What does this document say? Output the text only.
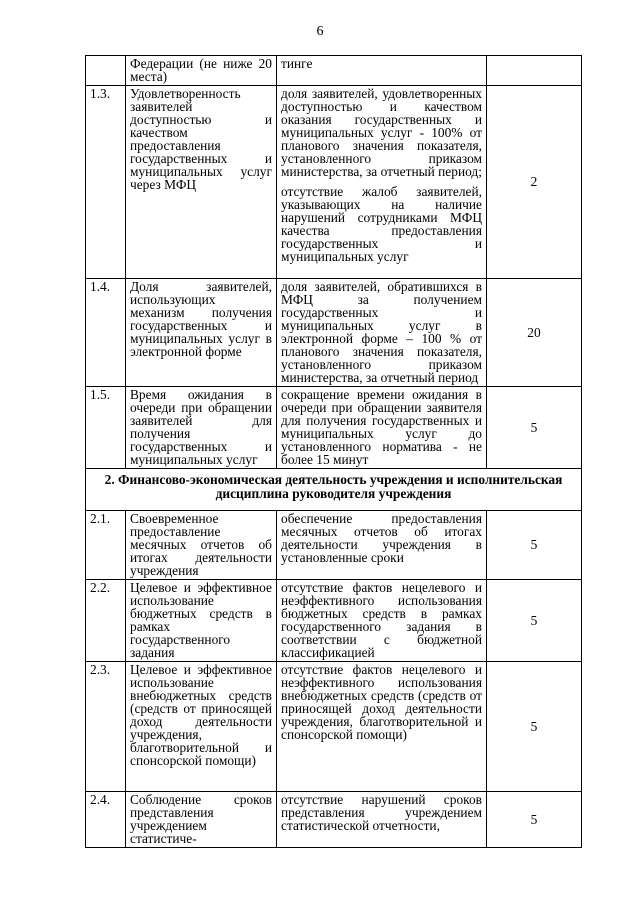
6
	Федерации (не ниже 20 места)	тинге	

1.3.	Удовлетворенность заявителей доступностью и качеством предоставления государственных и муниципальных услуг через МФЦ	доля заявителей, удовлетворенных доступностью и качеством оказания государственных и муниципальных услуг - 100% от планового значения показателя, установленного приказом министерства, за отчетный период;
отсутствие жалоб заявителей, указывающих на наличие нарушений сотрудниками МФЦ качества предоставления государственных и муниципальных услуг	2
1.4.	Доля заявителей, использующих механизм получения государственных и муниципальных услуг в электронной форме	доля заявителей, обратившихся в МФЦ за получением государственных и муниципальных услуг в электронной форме – 100 % от планового значения показателя, установленного приказом министерства, за отчетный период	20
1.5.	Время ожидания в очереди при обращении заявителей для получения государственных и муниципальных услуг	сокращение времени ожидания в очереди при обращении заявителя для получения государственных и муниципальных услуг до установленного норматива - не более 15 минут	5
2. Финансово-экономическая деятельность учреждения и исполнительская дисциплина руководителя учреждения			
2.1.	Своевременное предоставление месячных отчетов об итогах деятельности учреждения	обеспечение предоставления месячных отчетов об итогах деятельности учреждения в установленные сроки	5
2.2.	Целевое и эффективное использование бюджетных средств в рамках государственного задания	отсутствие фактов нецелевого и неэффективного использования бюджетных средств в рамках государственного задания в соответствии с бюджетной классификацией	5
2.3.	Целевое и эффективное использование внебюджетных средств (средств от приносящей доход деятельности учреждения, благотворительной и спонсорской помощи)	отсутствие фактов нецелевого и неэффективного использования внебюджетных средств (средств от приносящей доход деятельности учреждения, благотворительной и спонсорской помощи)	5
2.4.	Соблюдение сроков представления учреждением статистиче-	отсутствие нарушений сроков представления учреждением статистической отчетности,	5
